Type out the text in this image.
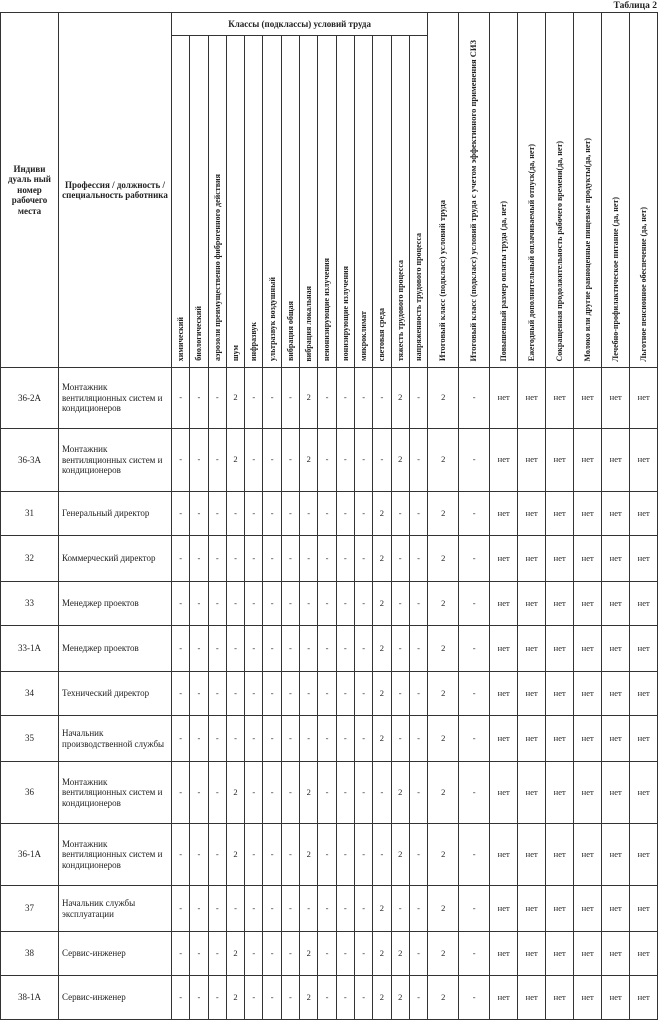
Таблица 2
Индиви дуаль ный номер рабочего места	Профессия / должность / специальность работника	Классы (подклассы) условий труда														Итоговый класс (подкласс) условий труда	Итоговый класс (подкласс) условий труда с учетом эффективного применения СИЗ	Повышенный размер оплаты труда (да, нет)	Ежегодный дополнительный оплачиваемый отпуск(да, нет)	Сокращенная продолжительность рабочего времени(да, нет)	Молоко или другие равноценные пищевые продукты(да, нет)	Лечебно-профилактическое питание (да, нет)	Льготное пенсионное обеспечение (да, нет)
		химический	биологический	аэрозоли преимущественно фиброгенного действия	шум	инфразвук	ультразвук воздушный	вибрация общая	вибрация локальная	неионизирующие излучения	ионизирующие излучения	микроклимат	световая среда	тяжесть трудового процесса	напряженность трудового процесса								
36-2А	Монтажник вентиляционных систем и кондиционеров	-	-	-	2	-	-	-	2	-	-	-	-	2	-	2	-	нет	нет	нет	нет	нет	нет
36-3А	Монтажник вентиляционных систем и кондиционеров	-	-	-	2	-	-	-	2	-	-	-	-	2	-	2	-	нет	нет	нет	нет	нет	нет
31	Генеральный директор	-	-	-	-	-	-	-	-	-	-	-	2	-	-	2	-	нет	нет	нет	нет	нет	нет
32	Коммерческий директор	-	-	-	-	-	-	-	-	-	-	-	2	-	-	2	-	нет	нет	нет	нет	нет	нет
33	Менеджер проектов	-	-	-	-	-	-	-	-	-	-	-	2	-	-	2	-	нет	нет	нет	нет	нет	нет
33-1А	Менеджер проектов	-	-	-	-	-	-	-	-	-	-	-	2	-	-	2	-	нет	нет	нет	нет	нет	нет
34	Технический директор	-	-	-	-	-	-	-	-	-	-	-	2	-	-	2	-	нет	нет	нет	нет	нет	нет
35	Начальник производственной службы	-	-	-	-	-	-	-	-	-	-	-	2	-	-	2	-	нет	нет	нет	нет	нет	нет
36	Монтажник вентиляционных систем и кондиционеров	-	-	-	2	-	-	-	2	-	-	-	-	2	-	2	-	нет	нет	нет	нет	нет	нет
36-1А	Монтажник вентиляционных систем и кондиционеров	-	-	-	2	-	-	-	2	-	-	-	-	2	-	2	-	нет	нет	нет	нет	нет	нет
37	Начальник службы эксплуатации	-	-	-	-	-	-	-	-	-	-	-	2	-	-	2	-	нет	нет	нет	нет	нет	нет
38	Сервис-инженер	-	-	-	2	-	-	-	2	-	-	-	2	2	-	2	-	нет	нет	нет	нет	нет	нет
38-1А	Сервис-инженер	-	-	-	2	-	-	-	2	-	-	-	2	2	-	2	-	нет	нет	нет	нет	нет	нет
